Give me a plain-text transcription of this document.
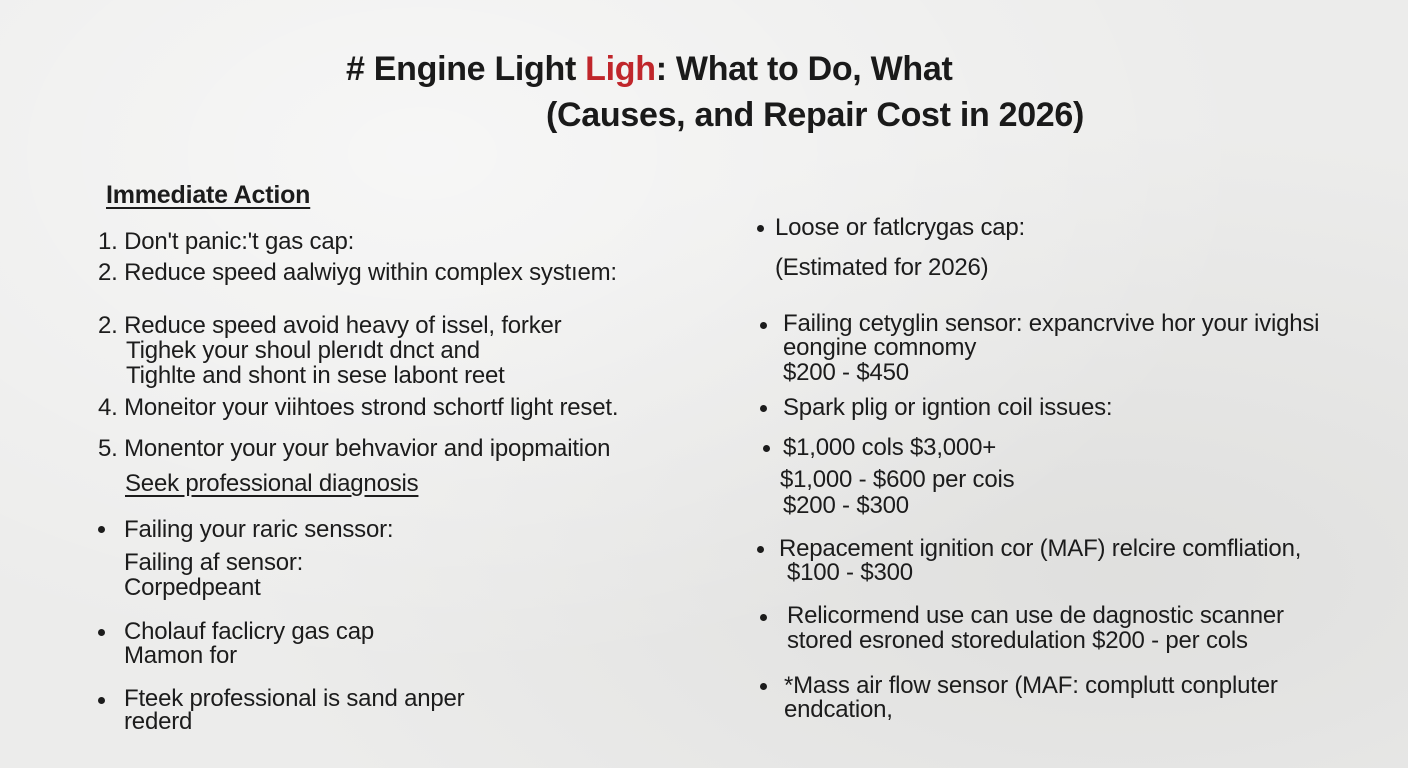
# Engine Light Ligh: What to Do, What
(Causes, and Repair Cost in 2026)
Immediate Action
1. Don't panic:'t gas cap:
2. Reduce speed aalwiyg within complex systıem:
2. Reduce speed avoid heavy of issel, forker
Tighek your shoul plerıdt dnct and
Tighlte and shont in sese labont reet
4. Moneitor your viihtoes strond schortf light reset.
5. Monentor your your behvavior and ipopmaition
Seek professional diagnosis
Failing your raric senssor:
Failing af sensor:
Corpedpeant
Cholauf faclicry gas cap
Mamon for
Fteek professional is sand anper
rederd
Loose or fatlcrygas cap:
(Estimated for 2026)
Failing cetyglin sensor: expancrvive hor your ivighsi
eongine comnomy
$200 - $450
Spark plig or igntion coil issues:
$1,000 cols $3,000+
$1,000 - $600 per cois
$200 - $300
Repacement ignition cor (MAF) relcire comfliation,
$100 - $300
Relicormend use can use de dagnostic scanner
stored esroned storedulation $200 - per cols
*Mass air flow sensor (MAF: complutt conpluter
endcation,
